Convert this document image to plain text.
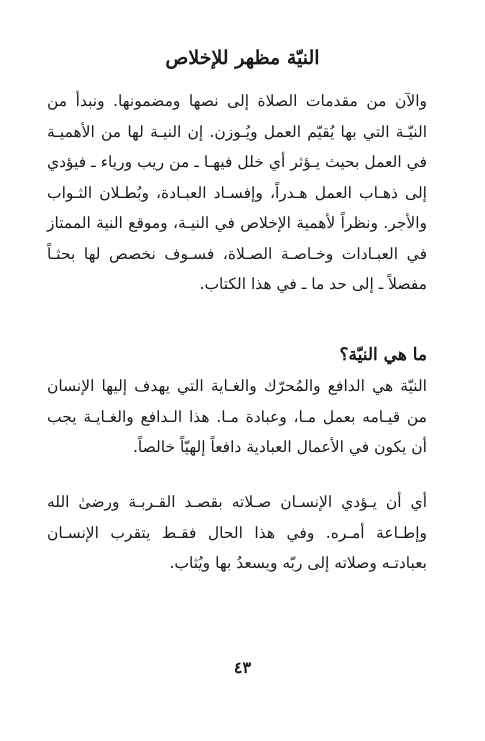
النيّة مظهر للإخلاص
والآن من مقدمات الصلاة إلى نصها ومضمونها. ونبدأ من النيّـة التي بها يُقيّم العمل ويُـوزن. إن النيـة لها من الأهميـة في العمل بحيث يـؤثر أي خلل فيهـا ـ من ريب ورياء ـ فيؤدي إلى ذهـاب العمل هـدراً، وإفسـاد العبـادة، وبُطـلان الثـواب والأجر. ونظراً لأهمية الإخلاص في النيـة، وموقع النية الممتاز في العبـادات وخـاصـة الصـلاة، فسـوف نخصص لها بحثـاً مفصلاً ـ إلى حد ما ـ في هذا الكتاب.
ما هي النيّة؟
النيّة هي الدافع والمُحرّك والغـاية التي يهدف إليها الإنسان من قيـامه بعمل مـا، وعبادة مـا. هذا الـدافع والغـايـة يجب أن يكون في الأعمال العبادية دافعاً إلهيّاً خالصاً.
أي أن يـؤدي الإنسـان صـلاته بقصـد القـربـة ورضىٰ الله وإطـاعة أمـره. وفي هذا الحال فقـط يتقرب الإنسـان بعبادتـه وصلاته إلى ربّه ويسعدُ بها ويُثاب.
٤٣
